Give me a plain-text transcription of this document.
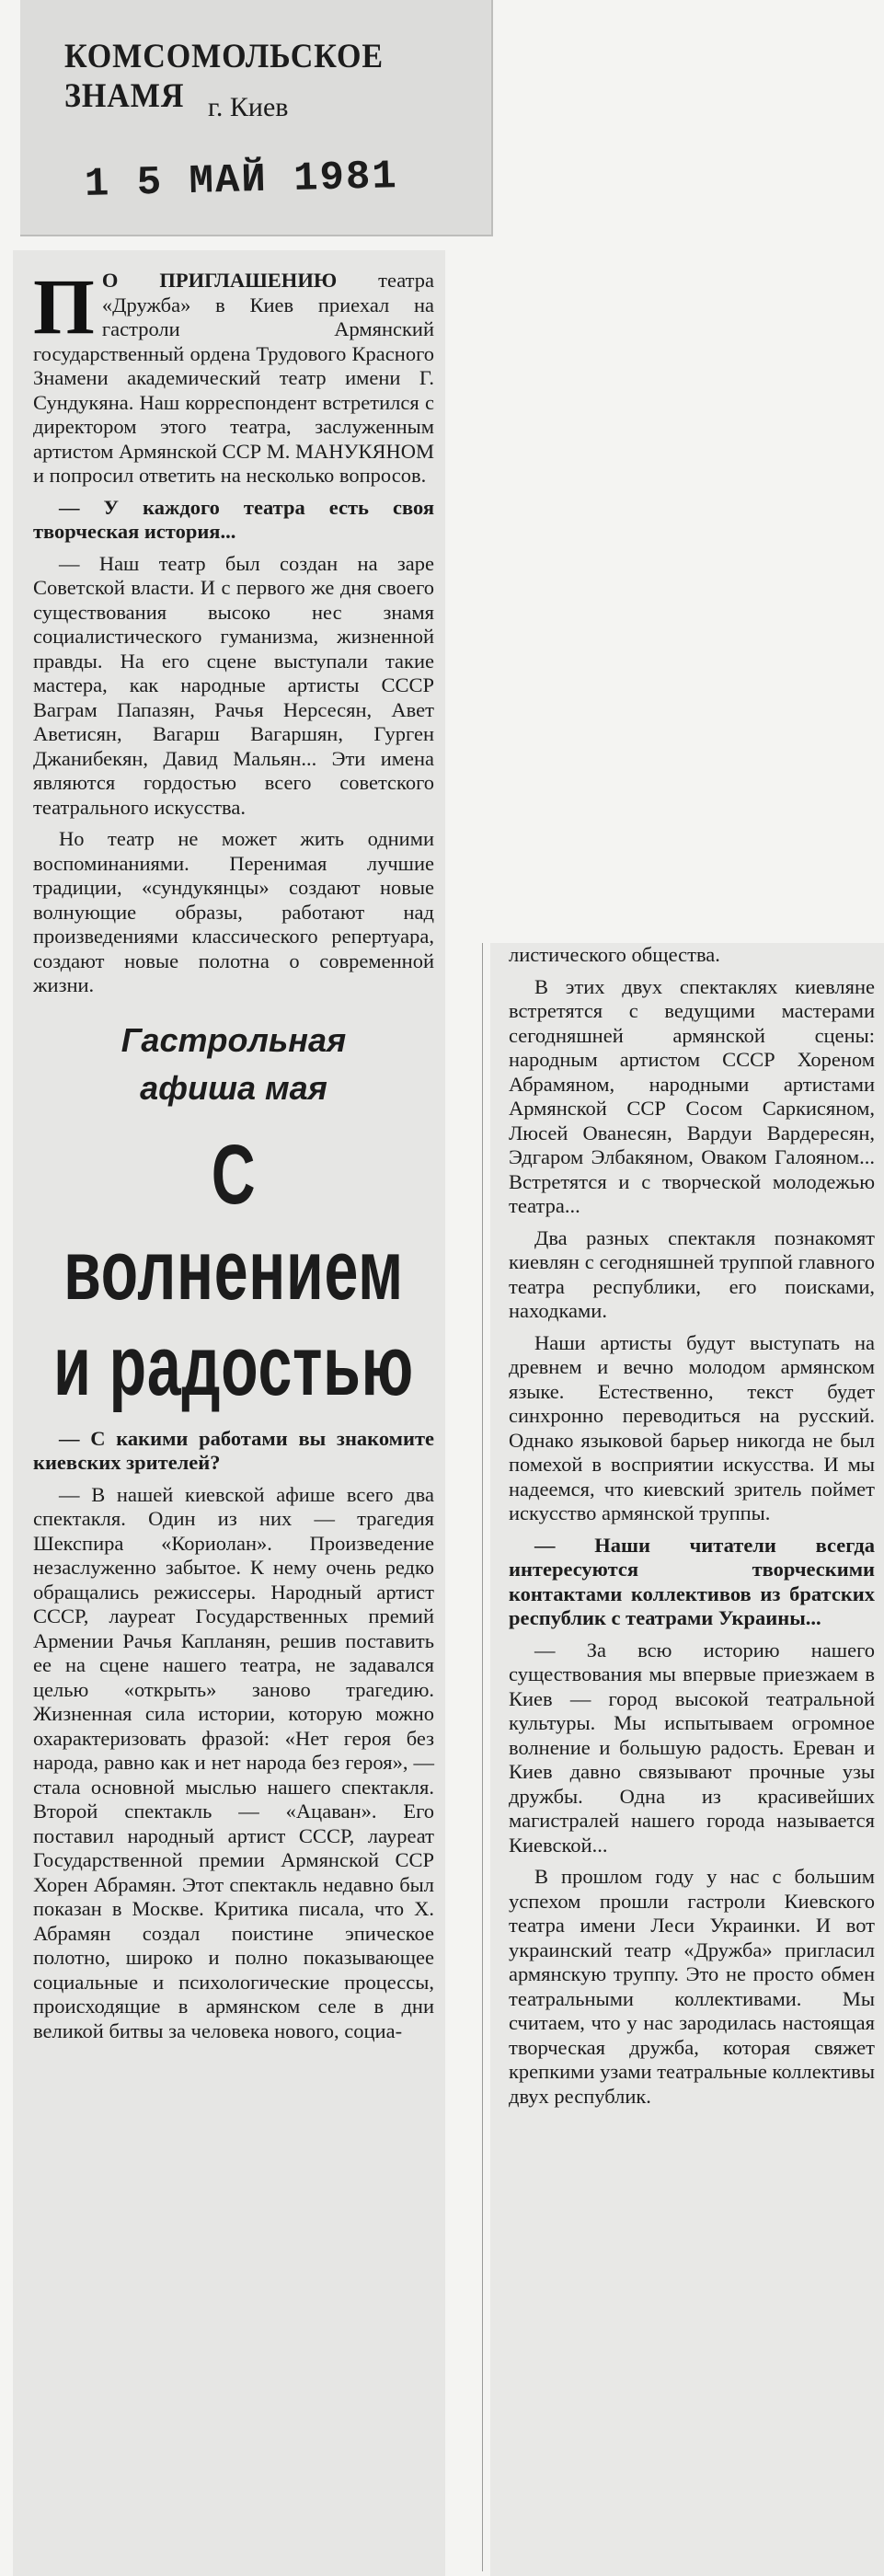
КОМСОМОЛЬСКОЕ ЗНАМЯ г. Киев
1 5 МАЙ 1981

П О ПРИГЛАШЕНИЮ театра «Дружба» в Киев приехал на гастроли Армянский государственный ордена Трудового Красного Знамени академический театр имени Г. Сундукяна. Наш корреспондент встретился с директором этого театра, заслуженным артистом Армянской ССР М. МАНУКЯНОМ и попросил ответить на несколько вопросов.

— У каждого театра есть своя творческая история...

— Наш театр был создан на заре Советской власти. И с первого же дня своего существования высоко нес знамя социалистического гуманизма, жизненной правды. На его сцене выступали такие мастера, как народные артисты СССР Ваграм Папазян, Рачья Нерсесян, Авет Аветисян, Вагарш Вагаршян, Гурген Джанибекян, Давид Мальян... Эти имена являются гордостью всего советского театрального искусства.

Но театр не может жить одними воспоминаниями. Перенимая лучшие традиции, «сундукянцы» создают новые волнующие образы, работают над произведениями классического репертуара, создают новые полотна о современной жизни.

Гастрольная
афиша мая
С волнением
и радостью

— С какими работами вы знакомите киевских зрителей?

— В нашей киевской афише всего два спектакля. Один из них — трагедия Шекспира «Кориолан». Произведение незаслуженно забытое. К нему очень редко обращались режиссеры. Народный артист СССР, лауреат Государственных премий Армении Рачья Капланян, решив поставить ее на сцене нашего театра, не задавался целью «открыть» заново трагедию. Жизненная сила истории, которую можно охарактеризовать фразой: «Нет героя без народа, равно как и нет народа без героя», — стала основной мыслью нашего спектакля. Второй спектакль — «Ацаван». Его поставил народный артист СССР, лауреат Государственной премии Армянской ССР Хорен Абрамян. Этот спектакль недавно был показан в Москве. Критика писала, что Х. Абрамян создал поистине эпическое полотно, широко и полно показывающее социальные и психологические процессы, происходящие в армянском селе в дни великой битвы за человека нового, социа-

листического общества.

В этих двух спектаклях киевляне встретятся с ведущими мастерами сегодняшней армянской сцены: народным артистом СССР Хореном Абрамяном, народными артистами Армянской ССР Сосом Саркисяном, Люсей Ованесян, Вардуи Вардересян, Эдгаром Элбакяном, Оваком Галояном... Встретятся и с творческой молодежью театра...

Два разных спектакля познакомят киевлян с сегодняшней труппой главного театра республики, его поисками, находками.

Наши артисты будут выступать на древнем и вечно молодом армянском языке. Естественно, текст будет синхронно переводиться на русский. Однако языковой барьер никогда не был помехой в восприятии искусства. И мы надеемся, что киевский зритель поймет искусство армянской труппы.

— Наши читатели всегда интересуются творческими контактами коллективов из братских республик с театрами Украины...

— За всю историю нашего существования мы впервые приезжаем в Киев — город высокой театральной культуры. Мы испытываем огромное волнение и большую радость. Ереван и Киев давно связывают прочные узы дружбы. Одна из красивейших магистралей нашего города называется Киевской...

В прошлом году у нас с большим успехом прошли гастроли Киевского театра имени Леси Украинки. И вот украинский театр «Дружба» пригласил армянскую труппу. Это не просто обмен театральными коллективами. Мы считаем, что у нас зародилась настоящая творческая дружба, которая свяжет крепкими узами театральные коллективы двух республик.
